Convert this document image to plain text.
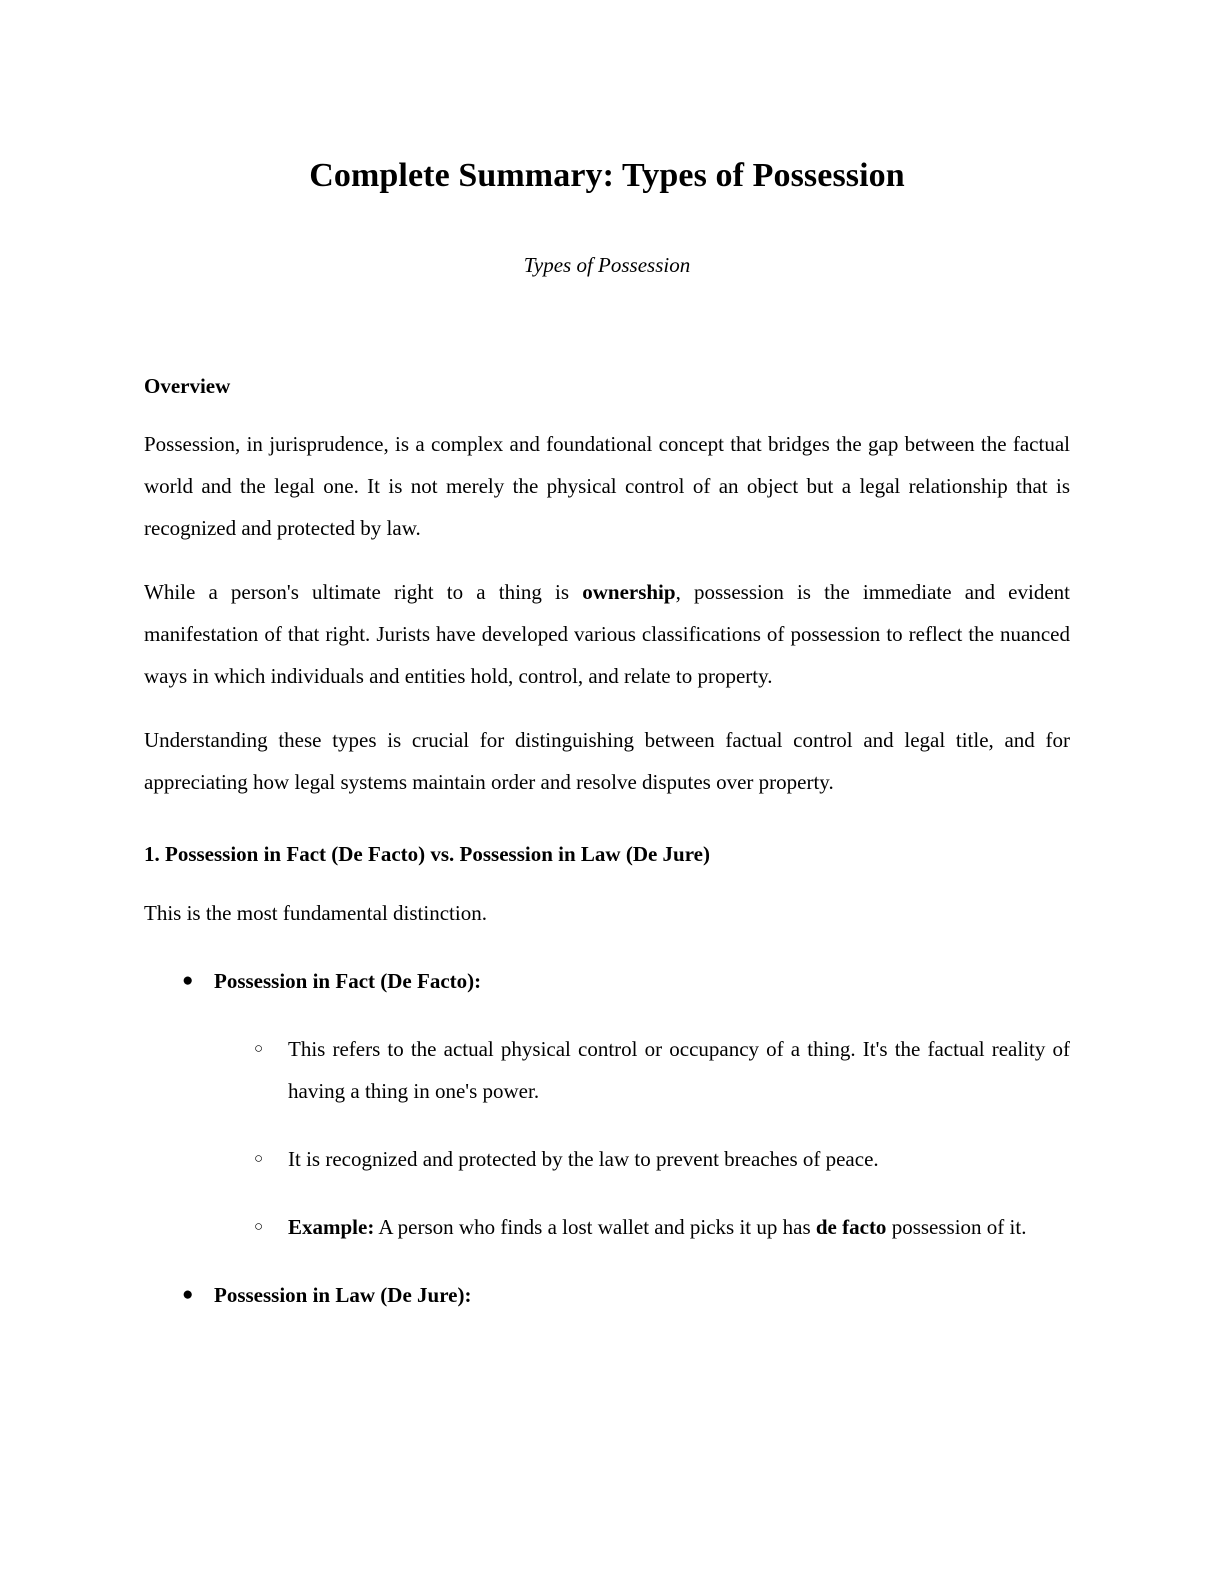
Complete Summary: Types of Possession

Types of Possession

Overview

Possession, in jurisprudence, is a complex and foundational concept that bridges the gap between the factual world and the legal one. It is not merely the physical control of an object but a legal relationship that is recognized and protected by law.

While a person's ultimate right to a thing is ownership, possession is the immediate and evident manifestation of that right. Jurists have developed various classifications of possession to reflect the nuanced ways in which individuals and entities hold, control, and relate to property.

Understanding these types is crucial for distinguishing between factual control and legal title, and for appreciating how legal systems maintain order and resolve disputes over property.

1. Possession in Fact (De Facto) vs. Possession in Law (De Jure)

This is the most fundamental distinction.

● Possession in Fact (De Facto):
○	This refers to the actual physical control or occupancy of a thing. It's the factual reality of having a thing in one's power.
○	It is recognized and protected by the law to prevent breaches of peace.
○	Example: A person who finds a lost wallet and picks it up has de facto possession of it.
● Possession in Law (De Jure):
